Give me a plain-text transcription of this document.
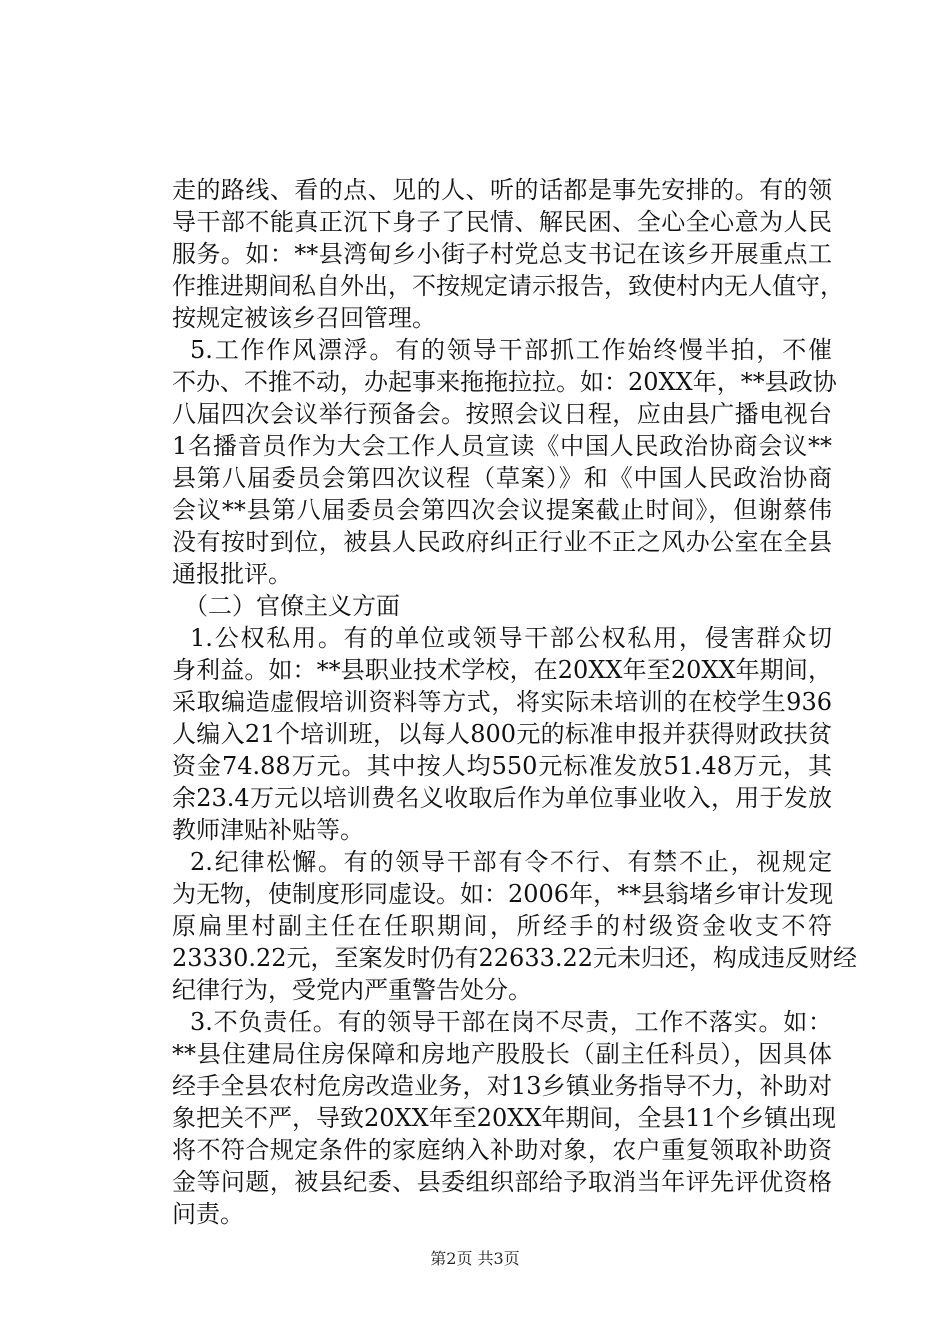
走的路线、看的点、见的人、听的话都是事先安排的。有的领
导干部不能真正沉下身子了民情、解民困、全心全心意为人民
服务。如：**县湾甸乡小街子村党总支书记在该乡开展重点工
作推进期间私自外出，不按规定请示报告，致使村内无人值守，
按规定被该乡召回管理。
5.工作作风漂浮。有的领导干部抓工作始终慢半拍，不催
不办、不推不动，办起事来拖拖拉拉。如：20XX年，**县政协
八届四次会议举行预备会。按照会议日程，应由县广播电视台
1名播音员作为大会工作人员宣读《中国人民政治协商会议**
县第八届委员会第四次议程（草案）》和《中国人民政治协商
会议**县第八届委员会第四次会议提案截止时间》，但谢蔡伟
没有按时到位，被县人民政府纠正行业不正之风办公室在全县
通报批评。
（二）官僚主义方面
1.公权私用。有的单位或领导干部公权私用，侵害群众切
身利益。如：**县职业技术学校，在20XX年至20XX年期间，
采取编造虚假培训资料等方式，将实际未培训的在校学生936
人编入21个培训班，以每人800元的标准申报并获得财政扶贫
资金74.88万元。其中按人均550元标准发放51.48万元，其
余23.4万元以培训费名义收取后作为单位事业收入，用于发放
教师津贴补贴等。
2.纪律松懈。有的领导干部有令不行、有禁不止，视规定
为无物，使制度形同虚设。如：2006年，**县翁堵乡审计发现
原扁里村副主任在任职期间，所经手的村级资金收支不符
23330.22元，至案发时仍有22633.22元未归还，构成违反财经
纪律行为，受党内严重警告处分。
3.不负责任。有的领导干部在岗不尽责，工作不落实。如：
**县住建局住房保障和房地产股股长（副主任科员），因具体
经手全县农村危房改造业务，对13乡镇业务指导不力，补助对
象把关不严，导致20XX年至20XX年期间，全县11个乡镇出现
将不符合规定条件的家庭纳入补助对象，农户重复领取补助资
金等问题，被县纪委、县委组织部给予取消当年评先评优资格
问责。
第2页 共3页
